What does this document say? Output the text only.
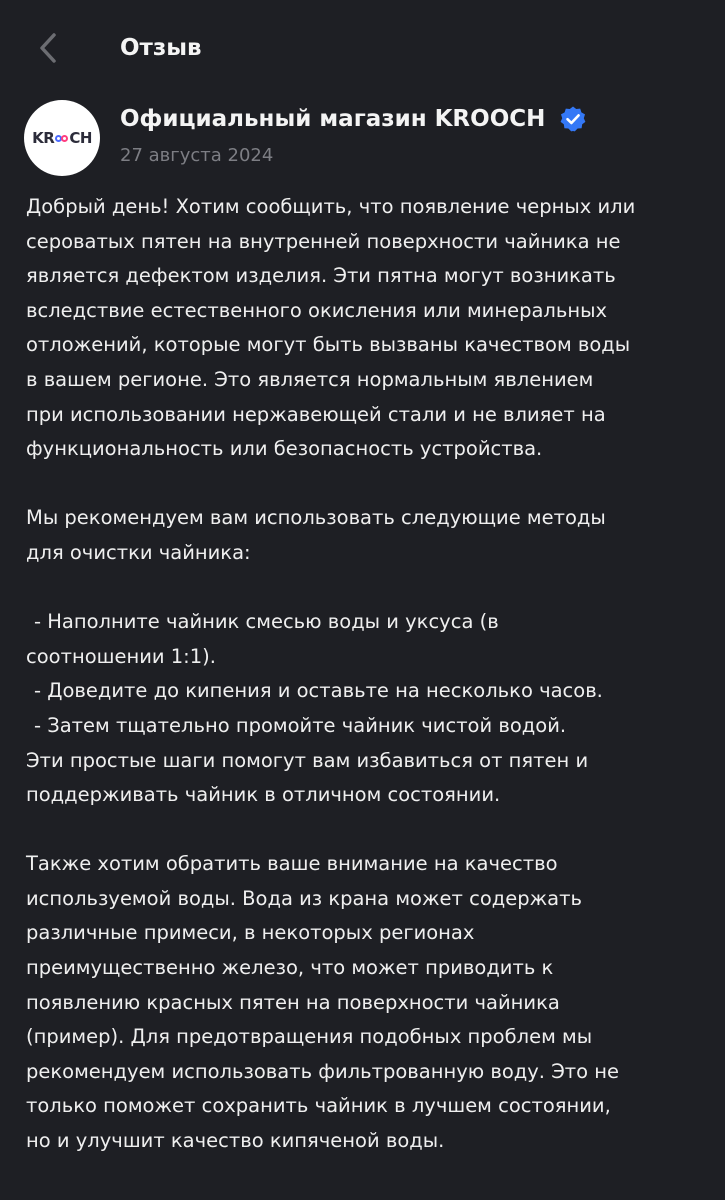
Отзыв
KR CH
Официальный магазин KROOCH
27 августа 2024

Добрый день! Хотим сообщить, что появление черных или

сероватых пятен на внутренней поверхности чайника не

является дефектом изделия. Эти пятна могут возникать

вследствие естественного окисления или минеральных

отложений, которые могут быть вызваны качеством воды

в вашем регионе. Это является нормальным явлением

при использовании нержавеющей стали и не влияет на

функциональность или безопасность устройства.

Мы рекомендуем вам использовать следующие методы

для очистки чайника:

- Наполните чайник смесью воды и уксуса (в

соотношении 1:1).

- Доведите до кипения и оставьте на несколько часов.

- Затем тщательно промойте чайник чистой водой.

Эти простые шаги помогут вам избавиться от пятен и

поддерживать чайник в отличном состоянии.

Также хотим обратить ваше внимание на качество

используемой воды. Вода из крана может содержать

различные примеси, в некоторых регионах

преимущественно железо, что может приводить к

появлению красных пятен на поверхности чайника

(пример). Для предотвращения подобных проблем мы

рекомендуем использовать фильтрованную воду. Это не

только поможет сохранить чайник в лучшем состоянии,

но и улучшит качество кипяченой воды.
